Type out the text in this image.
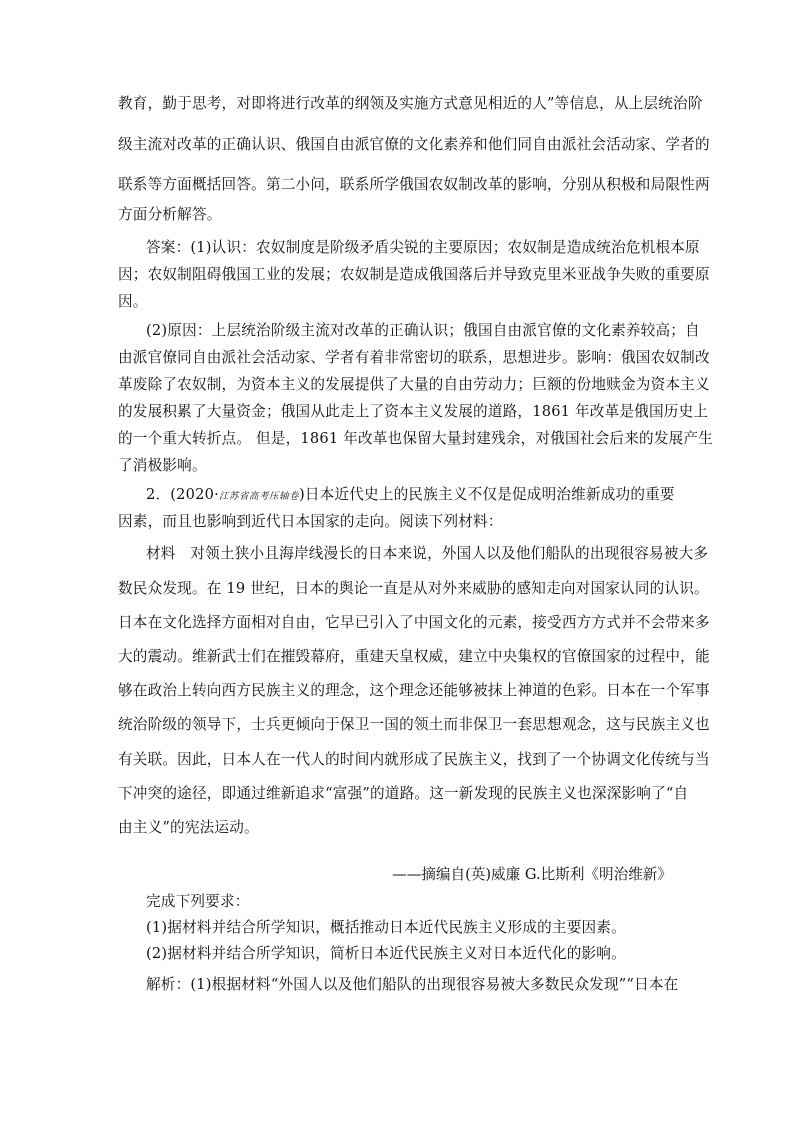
教育，勤于思考，对即将进行改革的纲领及实施方式意见相近的人”等信息，从上层统治阶
级主流对改革的正确认识、俄国自由派官僚的文化素养和他们同自由派社会活动家、学者的
联系等方面概括回答。第二小问，联系所学俄国农奴制改革的影响，分别从积极和局限性两
方面分析解答。
答案：(1)认识：农奴制度是阶级矛盾尖锐的主要原因；农奴制是造成统治危机根本原
因；农奴制阻碍俄国工业的发展；农奴制是造成俄国落后并导致克里米亚战争失败的重要原
因。
(2)原因：上层统治阶级主流对改革的正确认识；俄国自由派官僚的文化素养较高；自
由派官僚同自由派社会活动家、学者有着非常密切的联系，思想进步。影响：俄国农奴制改
革废除了农奴制，为资本主义的发展提供了大量的自由劳动力；巨额的份地赎金为资本主义
的发展积累了大量资金；俄国从此走上了资本主义发展的道路，1861 年改革是俄国历史上
的一个重大转折点。 但是，1861 年改革也保留大量封建残余，对俄国社会后来的发展产生
了消极影响。
2．(2020·江苏省高考压轴卷)日本近代史上的民族主义不仅是促成明治维新成功的重要
因素，而且也影响到近代日本国家的走向。阅读下列材料：
材料　对领土狭小且海岸线漫长的日本来说，外国人以及他们船队的出现很容易被大多
数民众发现。在 19 世纪，日本的舆论一直是从对外来威胁的感知走向对国家认同的认识。
日本在文化选择方面相对自由，它早已引入了中国文化的元素，接受西方方式并不会带来多
大的震动。维新武士们在摧毁幕府，重建天皇权威，建立中央集权的官僚国家的过程中，能
够在政治上转向西方民族主义的理念，这个理念还能够被抹上神道的色彩。日本在一个军事
统治阶级的领导下，士兵更倾向于保卫一国的领土而非保卫一套思想观念，这与民族主义也
有关联。因此，日本人在一代人的时间内就形成了民族主义，找到了一个协调文化传统与当
下冲突的途径，即通过维新追求“富强”的道路。这一新发现的民族主义也深深影响了“自
由主义”的宪法运动。
——摘编自(英)威廉 G.比斯利《明治维新》
完成下列要求：
(1)据材料并结合所学知识，概括推动日本近代民族主义形成的主要因素。
(2)据材料并结合所学知识，简析日本近代民族主义对日本近代化的影响。
解析：(1)根据材料“外国人以及他们船队的出现很容易被大多数民众发现”“日本在
